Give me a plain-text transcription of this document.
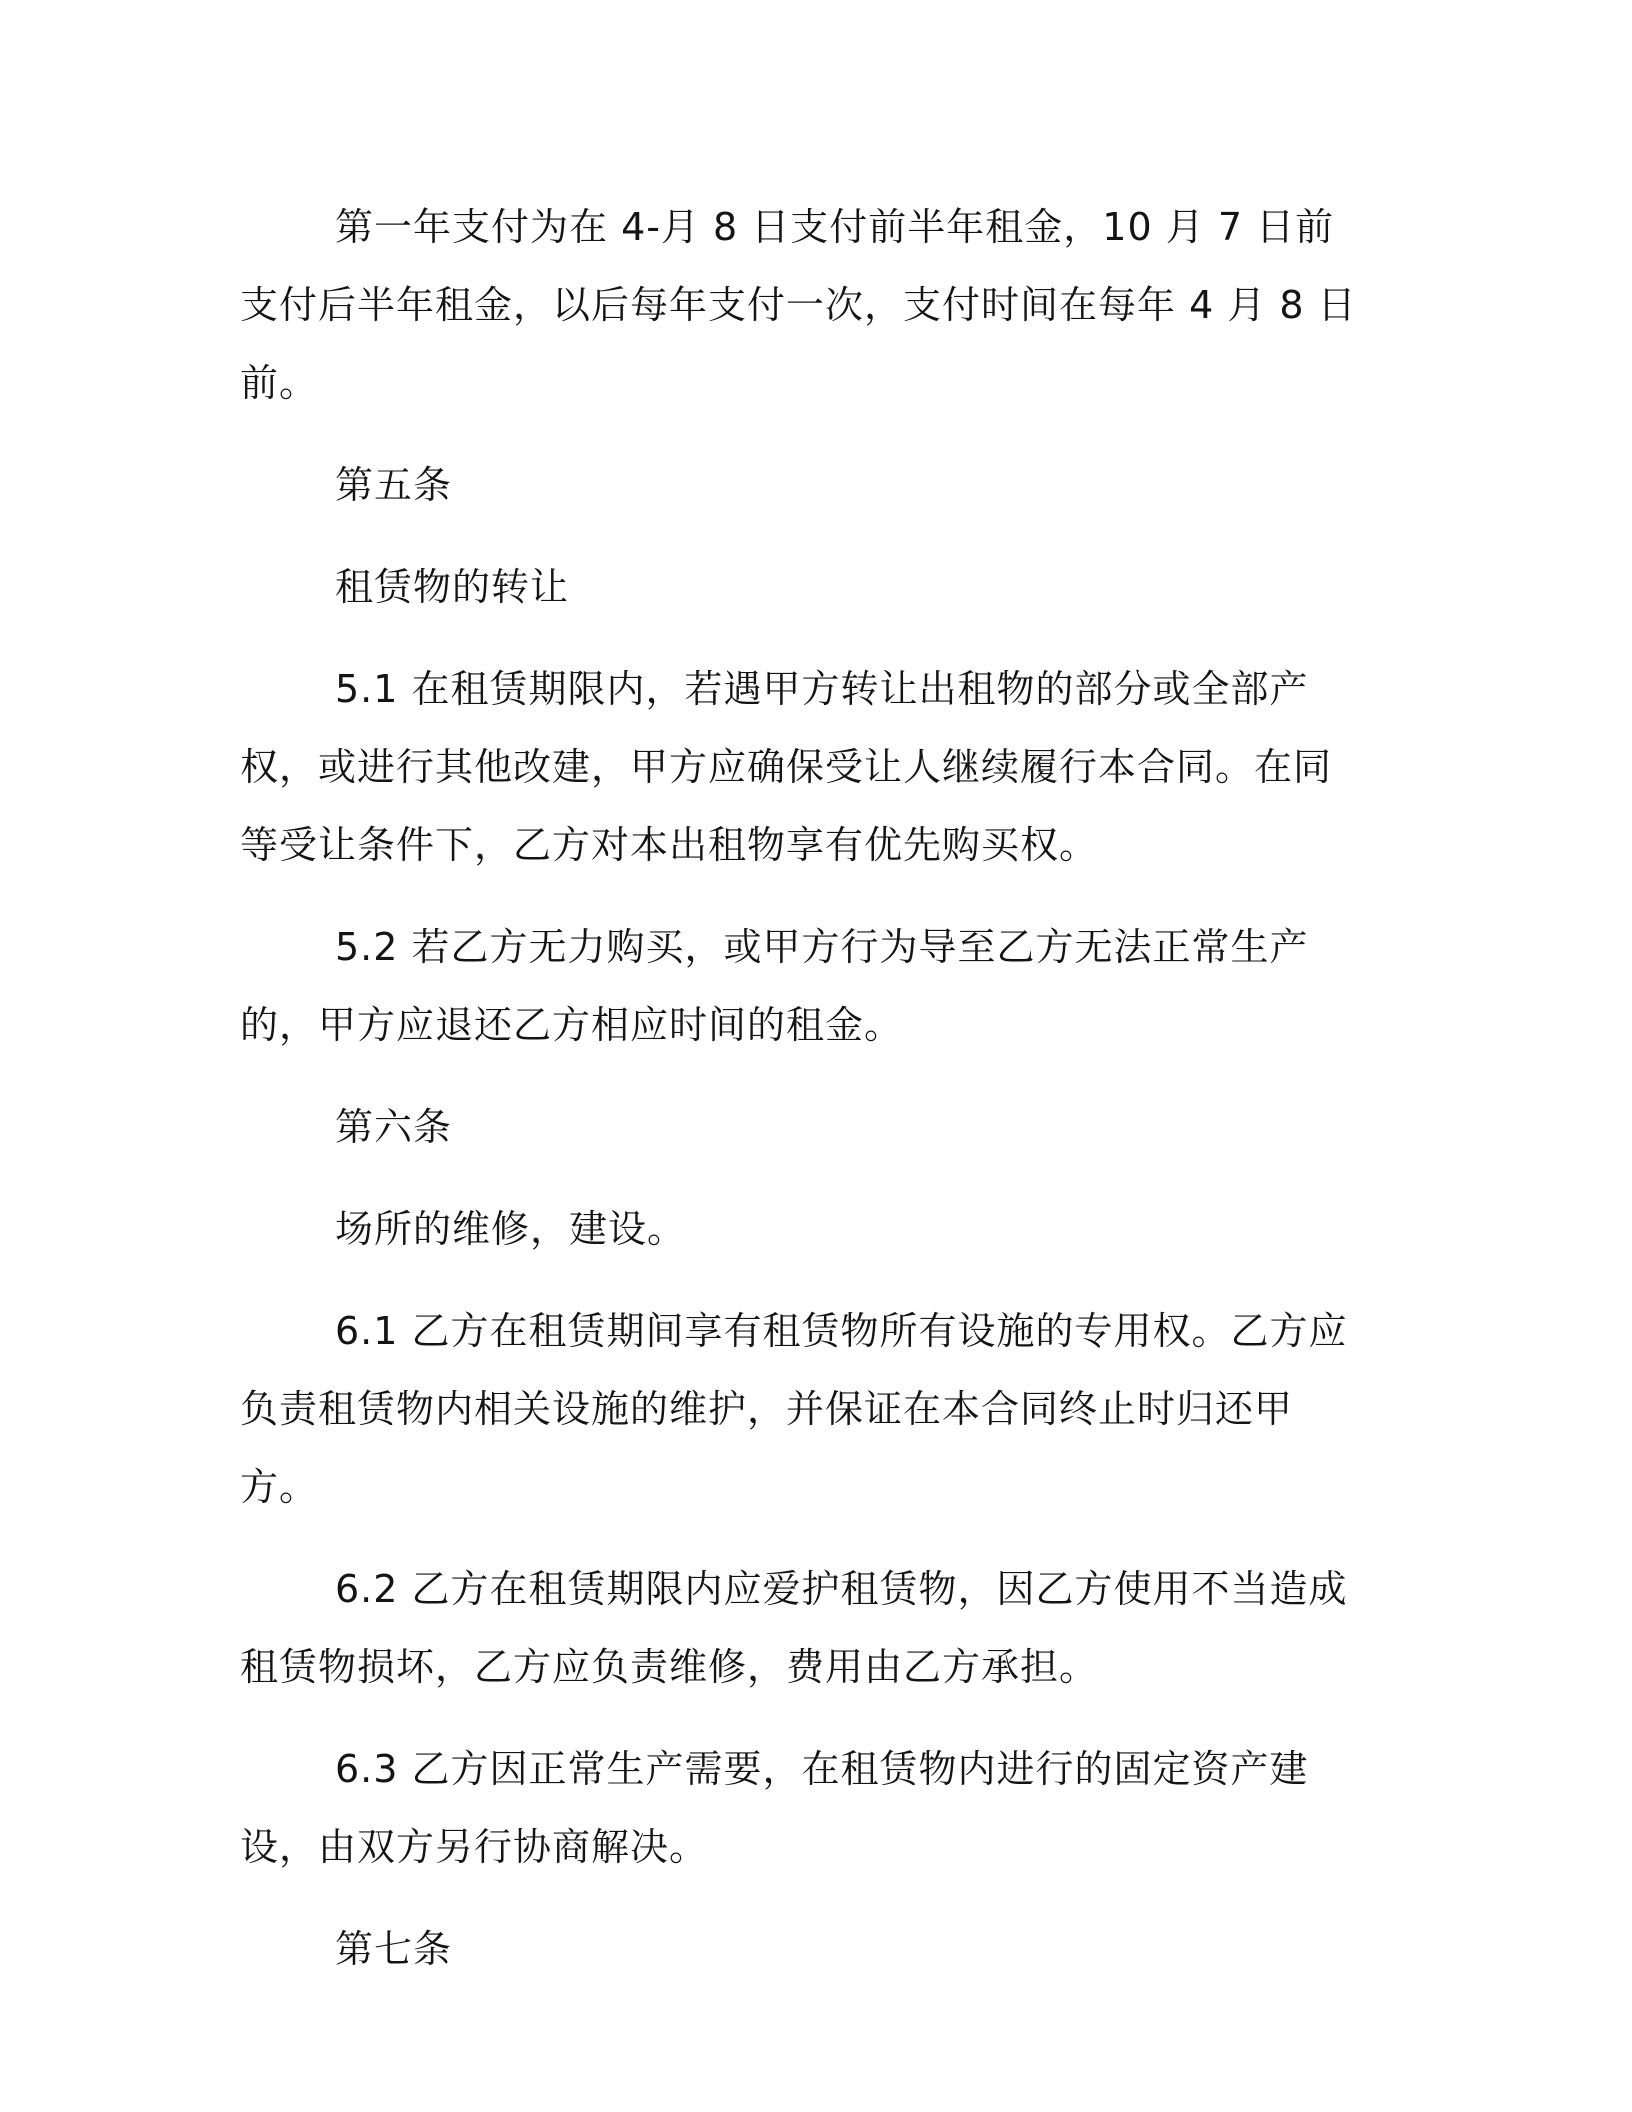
第一年支付为在 4-月 8 日支付前半年租金，10 月 7 日前支付后半年租金，以后每年支付一次，支付时间在每年 4 月 8 日前。

第五条

租赁物的转让

5.1 在租赁期限内，若遇甲方转让出租物的部分或全部产权，或进行其他改建，甲方应确保受让人继续履行本合同。在同等受让条件下，乙方对本出租物享有优先购买权。

5.2 若乙方无力购买，或甲方行为导至乙方无法正常生产的，甲方应退还乙方相应时间的租金。

第六条

场所的维修，建设。

6.1 乙方在租赁期间享有租赁物所有设施的专用权。乙方应负责租赁物内相关设施的维护，并保证在本合同终止时归还甲方。

6.2 乙方在租赁期限内应爱护租赁物，因乙方使用不当造成租赁物损坏，乙方应负责维修，费用由乙方承担。

6.3 乙方因正常生产需要，在租赁物内进行的固定资产建设，由双方另行协商解决。

第七条
